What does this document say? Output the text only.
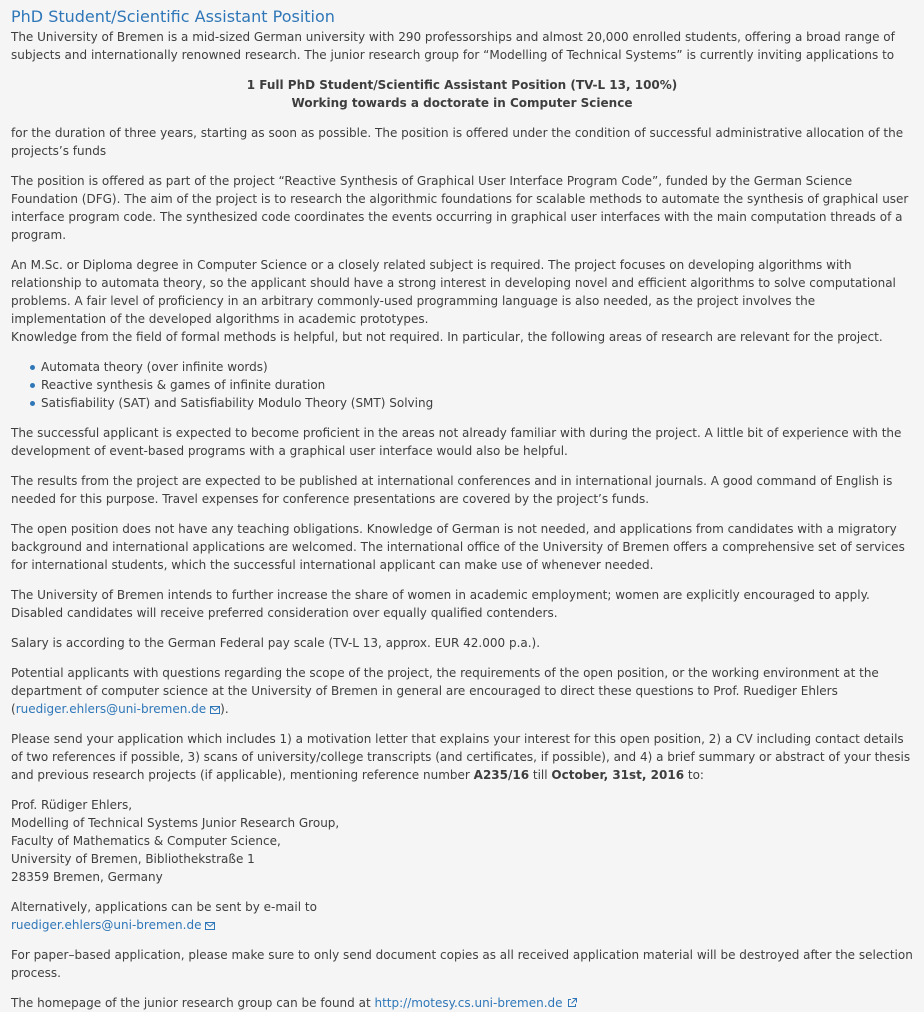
PhD Student/Scientific Assistant Position

The University of Bremen is a mid-sized German university with 290 professorships and almost 20,000 enrolled students, offering a broad range of subjects and internationally renowned research. The junior research group for “Modelling of Technical Systems” is currently inviting applications to

1 Full PhD Student/Scientific Assistant Position (TV-L 13, 100%)
Working towards a doctorate in Computer Science

for the duration of three years, starting as soon as possible. The position is offered under the condition of successful administrative allocation of the projects’s funds

The position is offered as part of the project “Reactive Synthesis of Graphical User Interface Program Code”, funded by the German Science Foundation (DFG). The aim of the project is to research the algorithmic foundations for scalable methods to automate the synthesis of graphical user interface program code. The synthesized code coordinates the events occurring in graphical user interfaces with the main computation threads of a program.

An M.Sc. or Diploma degree in Computer Science or a closely related subject is required. The project focuses on developing algorithms with relationship to automata theory, so the applicant should have a strong interest in developing novel and efficient algorithms to solve computational problems. A fair level of proficiency in an arbitrary commonly-used programming language is also needed, as the project involves the implementation of the developed algorithms in academic prototypes.
Knowledge from the field of formal methods is helpful, but not required. In particular, the following areas of research are relevant for the project.

Automata theory (over infinite words)
Reactive synthesis & games of infinite duration
Satisfiability (SAT) and Satisfiability Modulo Theory (SMT) Solving

The successful applicant is expected to become proficient in the areas not already familiar with during the project. A little bit of experience with the development of event-based programs with a graphical user interface would also be helpful.

The results from the project are expected to be published at international conferences and in international journals. A good command of English is needed for this purpose. Travel expenses for conference presentations are covered by the project’s funds.

The open position does not have any teaching obligations. Knowledge of German is not needed, and applications from candidates with a migratory background and international applications are welcomed. The international office of the University of Bremen offers a comprehensive set of services for international students, which the successful international applicant can make use of whenever needed.

The University of Bremen intends to further increase the share of women in academic employment; women are explicitly encouraged to apply. Disabled candidates will receive preferred consideration over equally qualified contenders.

Salary is according to the German Federal pay scale (TV-L 13, approx. EUR 42.000 p.a.).

Potential applicants with questions regarding the scope of the project, the requirements of the open position, or the working environment at the department of computer science at the University of Bremen in general are encouraged to direct these questions to Prof. Ruediger Ehlers (ruediger.ehlers@uni-bremen.de ).

Please send your application which includes 1) a motivation letter that explains your interest for this open position, 2) a CV including contact details of two references if possible, 3) scans of university/college transcripts (and certificates, if possible), and 4) a brief summary or abstract of your thesis and previous research projects (if applicable), mentioning reference number A235/16 till October, 31st, 2016 to:

Prof. Rüdiger Ehlers,
Modelling of Technical Systems Junior Research Group,
Faculty of Mathematics & Computer Science,
University of Bremen, Bibliothekstraße 1
28359 Bremen, Germany

Alternatively, applications can be sent by e-mail to
ruediger.ehlers@uni-bremen.de

For paper–based application, please make sure to only send document copies as all received application material will be destroyed after the selection process.

The homepage of the junior research group can be found at http://motesy.cs.uni-bremen.de
